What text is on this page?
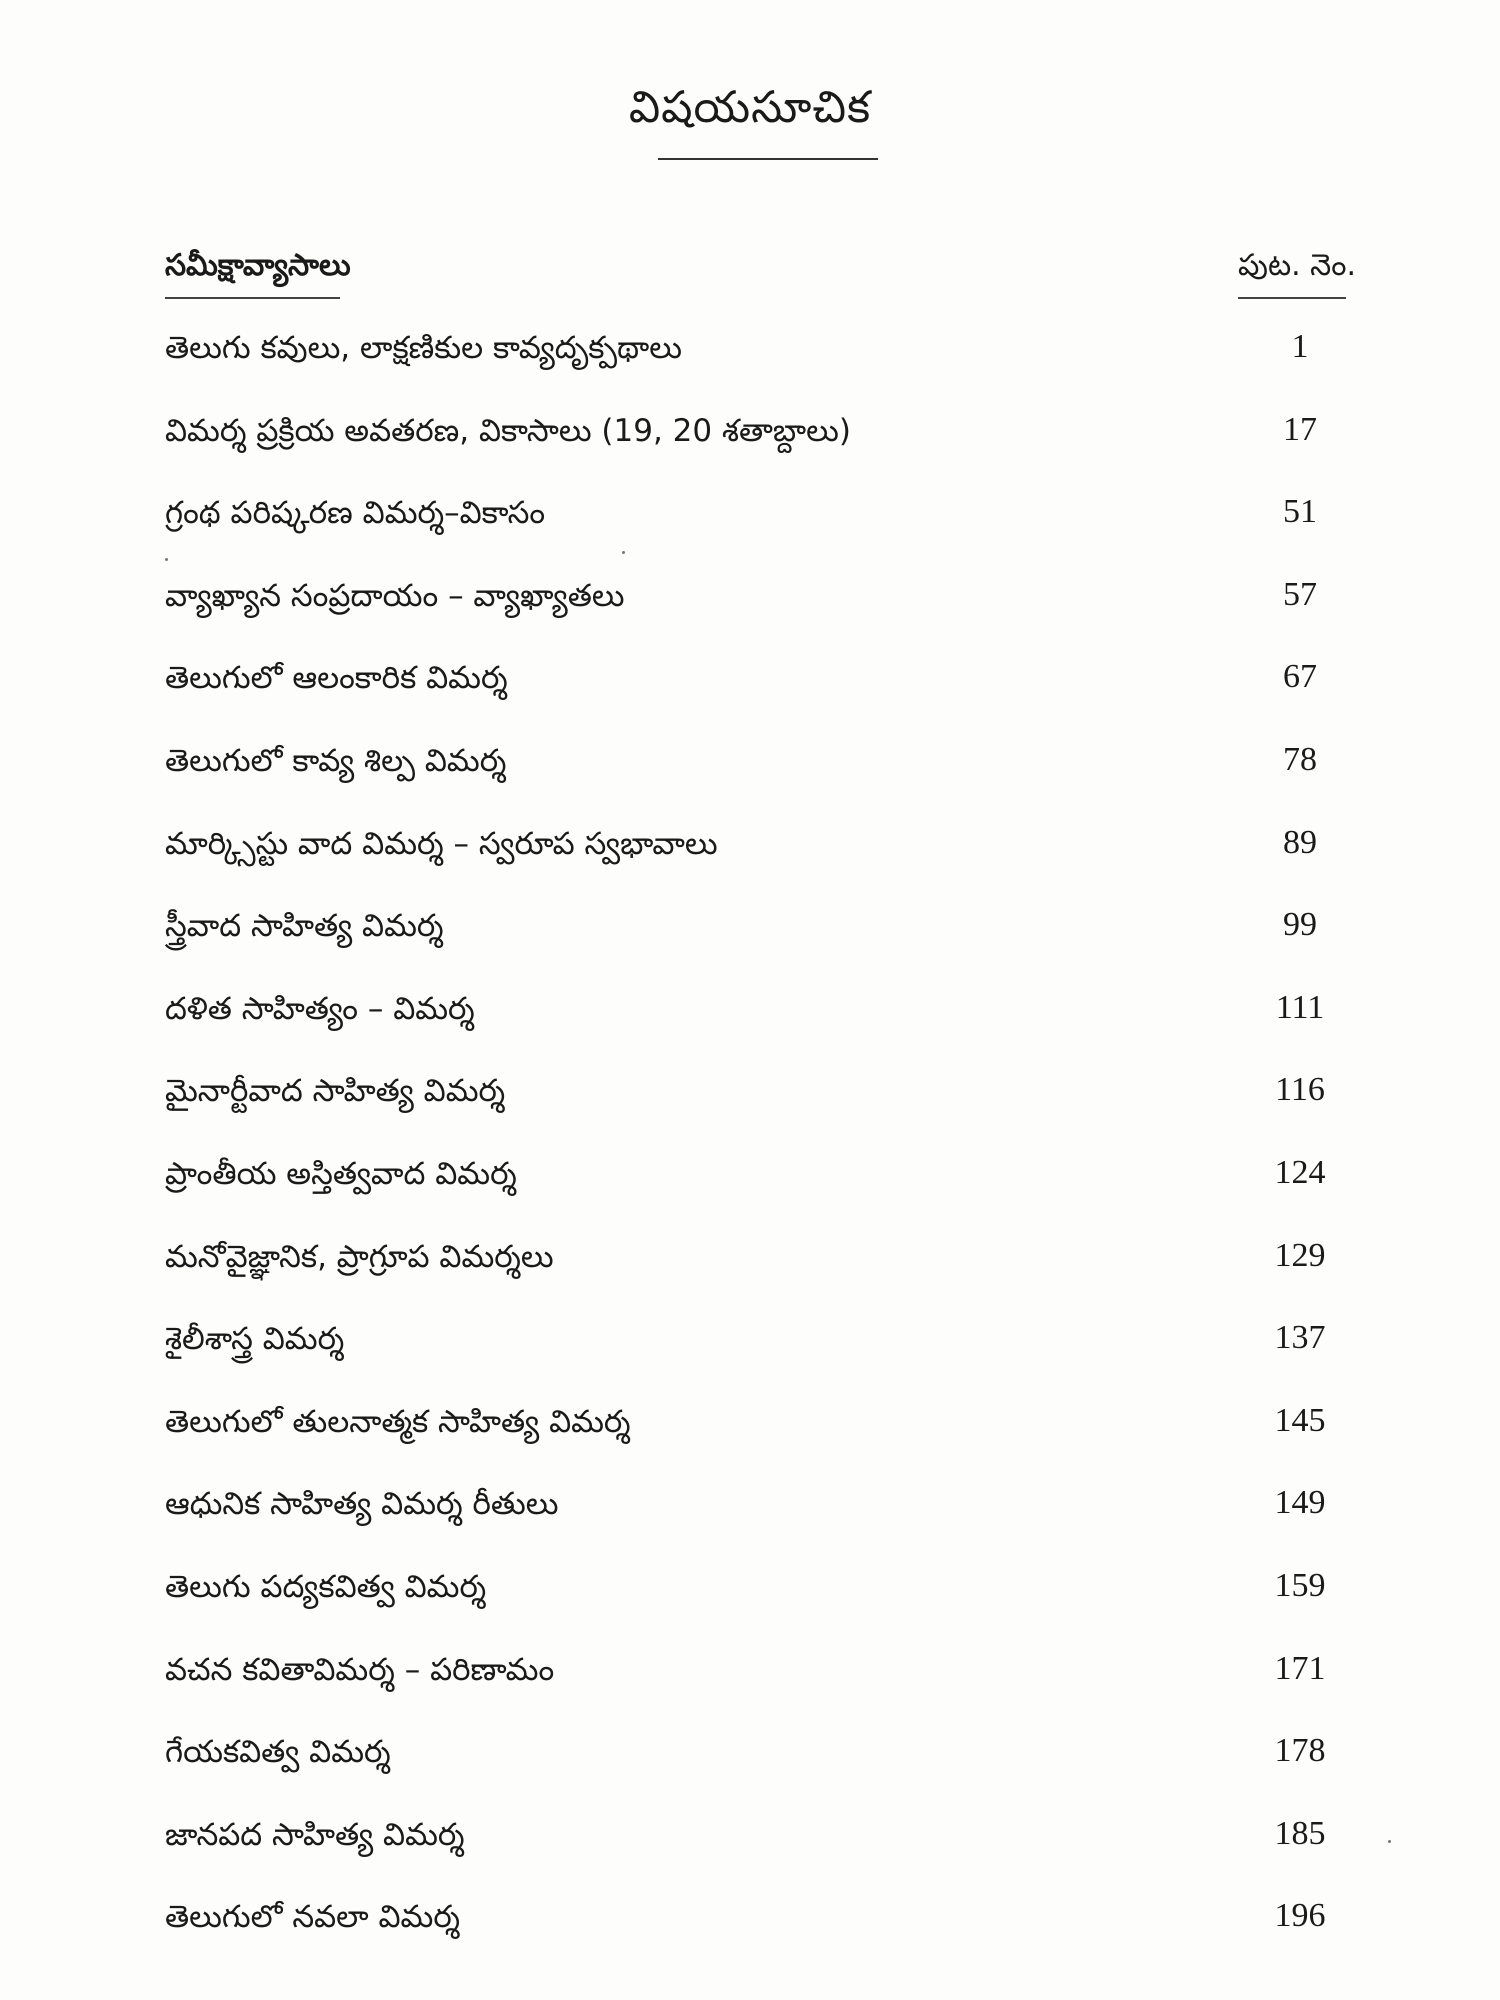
విషయసూచిక
సమీక్షావ్యాసాలు	పుట. నెం.
తెలుగు కవులు, లాక్షణికుల కావ్యదృక్పథాలు	1
విమర్శ ప్రక్రియ అవతరణ, వికాసాలు (19, 20 శతాబ్దాలు)	17
గ్రంథ పరిష్కరణ విమర్శ–వికాసం	51
వ్యాఖ్యాన సంప్రదాయం – వ్యాఖ్యాతలు	57
తెలుగులో ఆలంకారిక విమర్శ	67
తెలుగులో కావ్య శిల్ప విమర్శ	78
మార్క్సిస్టు వాద విమర్శ – స్వరూప స్వభావాలు	89
స్త్రీవాద సాహిత్య విమర్శ	99
దళిత సాహిత్యం – విమర్శ	111
మైనార్టీవాద సాహిత్య విమర్శ	116
ప్రాంతీయ అస్తిత్వవాద విమర్శ	124
మనోవైజ్ఞానిక, ప్రాగ్రూప విమర్శలు	129
శైలీశాస్త్ర విమర్శ	137
తెలుగులో తులనాత్మక సాహిత్య విమర్శ	145
ఆధునిక సాహిత్య విమర్శ రీతులు	149
తెలుగు పద్యకవిత్వ విమర్శ	159
వచన కవితావిమర్శ – పరిణామం	171
గేయకవిత్వ విమర్శ	178
జానపద సాహిత్య విమర్శ	185
తెలుగులో నవలా విమర్శ	196
